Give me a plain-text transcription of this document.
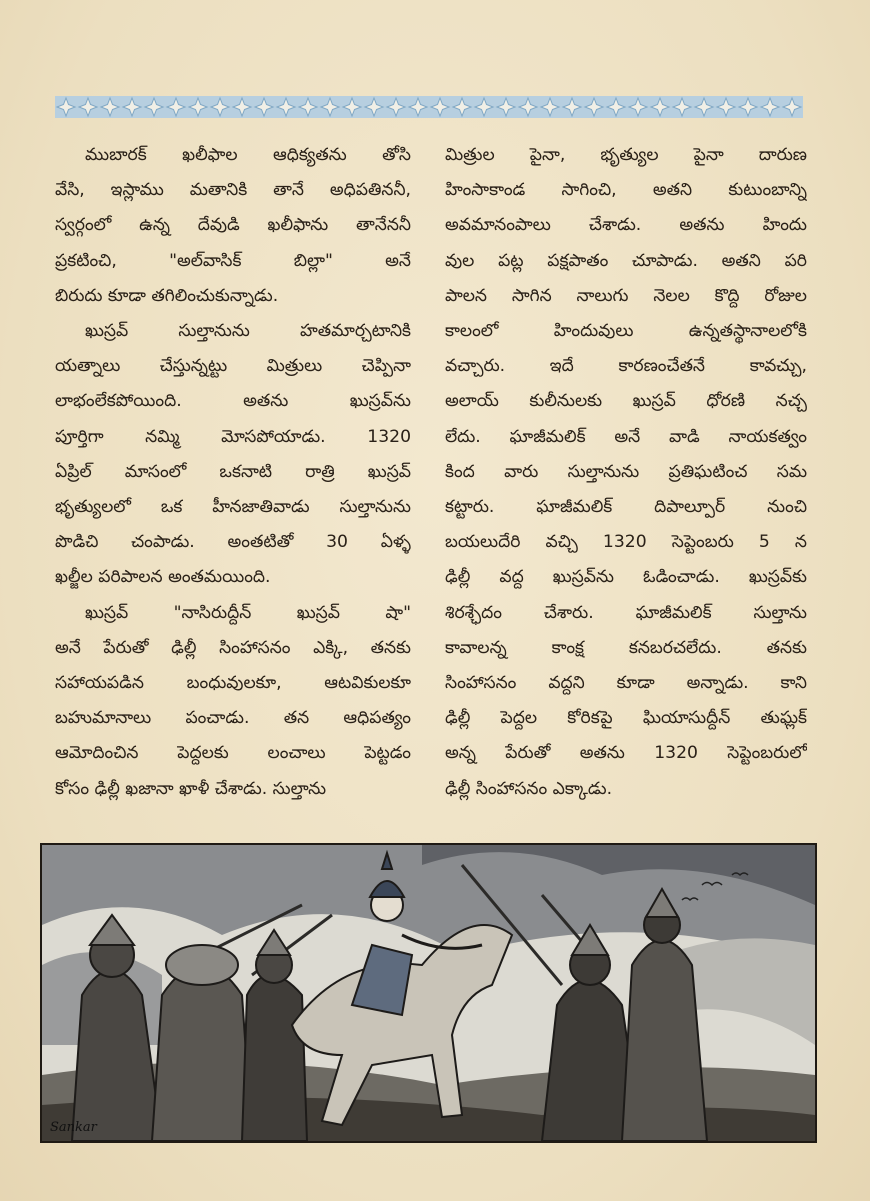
ముబారక్ ఖలీఫాల ఆధిక్యతను తోసి
వేసి, ఇస్లాము మతానికి తానే అధిపతిననీ,
స్వర్గంలో ఉన్న దేవుడి ఖలీఫాను తానేననీ
ప్రకటించి, "అల్‌వాసిక్ బిల్లా" అనే
బిరుదు కూడా తగిలించుకున్నాడు.
ఖుస్రవ్ సుల్తానును హతమార్చటానికి
యత్నాలు చేస్తున్నట్టు మిత్రులు చెప్పినా
లాభంలేకపోయింది. అతను ఖుస్రవ్‌ను
పూర్తిగా నమ్మి మోసపోయాడు. 1320
ఏప్రిల్ మాసంలో ఒకనాటి రాత్రి ఖుస్రవ్
భృత్యులలో ఒక హీనజాతివాడు సుల్తానును
పొడిచి చంపాడు. అంతటితో 30 ఏళ్ళ
ఖల్జీల పరిపాలన అంతమయింది.
ఖుస్రవ్ "నాసిరుద్దీన్ ఖుస్రవ్ షా"
అనే పేరుతో ఢిల్లీ సింహాసనం ఎక్కి, తనకు
సహాయపడిన బంధువులకూ, ఆటవికులకూ
బహుమానాలు పంచాడు. తన ఆధిపత్యం
ఆమోదించిన పెద్దలకు లంచాలు పెట్టడం
కోసం ఢిల్లీ ఖజానా ఖాళీ చేశాడు. సుల్తాను
మిత్రుల పైనా, భృత్యుల పైనా దారుణ
హింసాకాండ సాగించి, అతని కుటుంబాన్ని
అవమానంపాలు చేశాడు. అతను హిందు
వుల పట్ల పక్షపాతం చూపాడు. అతని పరి
పాలన సాగిన నాలుగు నెలల కొద్ది రోజుల
కాలంలో హిందువులు ఉన్నతస్థానాలలోకి
వచ్చారు. ఇదే కారణంచేతనే కావచ్చు,
అలాయ్ కులీనులకు ఖుస్రవ్ ధోరణి నచ్చ
లేదు. ఘాజీమలిక్ అనే వాడి నాయకత్వం
కింద వారు సుల్తానును ప్రతిఘటించ సమ
కట్టారు. ఘాజీమలిక్ దిపాల్పూర్ నుంచి
బయలుదేరి వచ్చి 1320 సెప్టెంబరు 5 న
ఢిల్లీ వద్ద ఖుస్రవ్‌ను ఓడించాడు. ఖుస్రవ్‌కు
శిరశ్ఛేదం చేశారు. ఘాజీమలిక్ సుల్తాను
కావాలన్న కాంక్ష కనబరచలేదు. తనకు
సింహాసనం వద్దని కూడా అన్నాడు. కాని
ఢిల్లీ పెద్దల కోరికపై ఘియాసుద్దీన్ తుఘ్లక్
అన్న పేరుతో అతను 1320 సెప్టెంబరులో
ఢిల్లీ సింహాసనం ఎక్కాడు.
Sankar
